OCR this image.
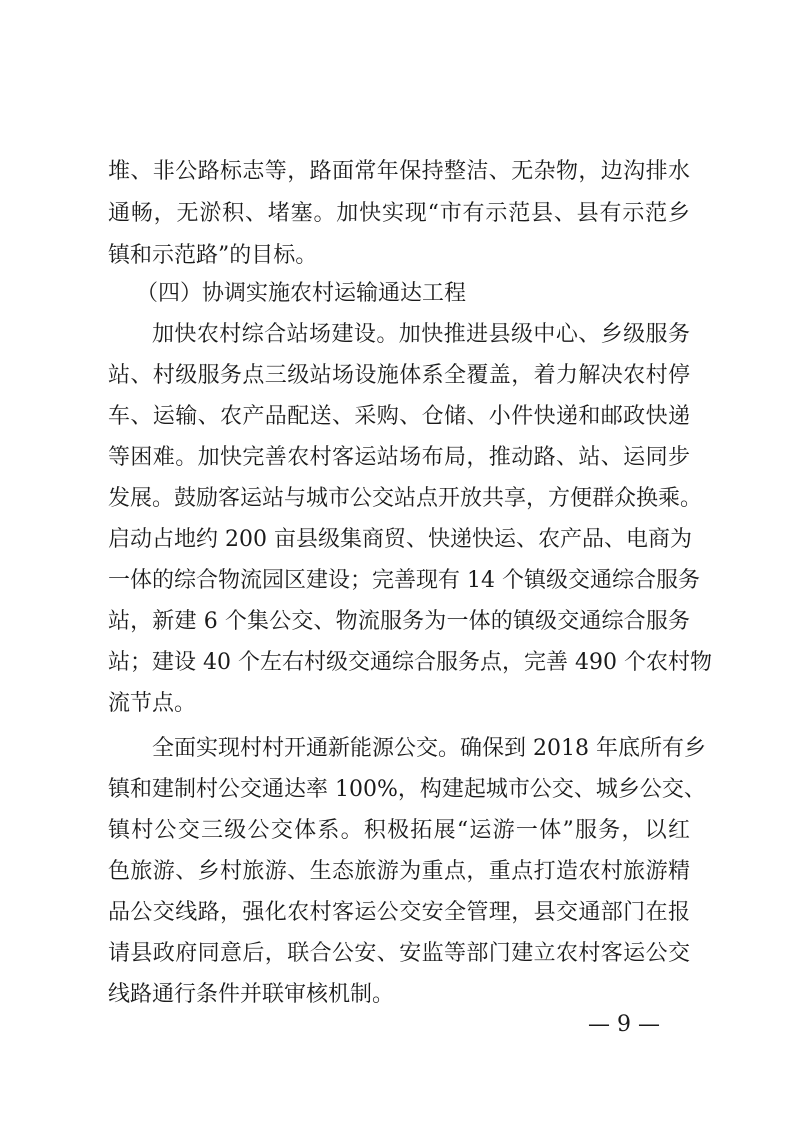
堆、非公路标志等，路面常年保持整洁、无杂物，边沟排水
通畅，无淤积、堵塞。加快实现“市有示范县、县有示范乡
镇和示范路”的目标。
（四）协调实施农村运输通达工程
加快农村综合站场建设。加快推进县级中心、乡级服务
站、村级服务点三级站场设施体系全覆盖，着力解决农村停
车、运输、农产品配送、采购、仓储、小件快递和邮政快递
等困难。加快完善农村客运站场布局，推动路、站、运同步
发展。鼓励客运站与城市公交站点开放共享，方便群众换乘。
启动占地约 200 亩县级集商贸、快递快运、农产品、电商为
一体的综合物流园区建设；完善现有 14 个镇级交通综合服务
站，新建 6 个集公交、物流服务为一体的镇级交通综合服务
站；建设 40 个左右村级交通综合服务点，完善 490 个农村物
流节点。
全面实现村村开通新能源公交。确保到 2018 年底所有乡
镇和建制村公交通达率 100%，构建起城市公交、城乡公交、
镇村公交三级公交体系。积极拓展“运游一体”服务，以红
色旅游、乡村旅游、生态旅游为重点，重点打造农村旅游精
品公交线路，强化农村客运公交安全管理，县交通部门在报
请县政府同意后，联合公安、安监等部门建立农村客运公交
线路通行条件并联审核机制。
— 9 —
